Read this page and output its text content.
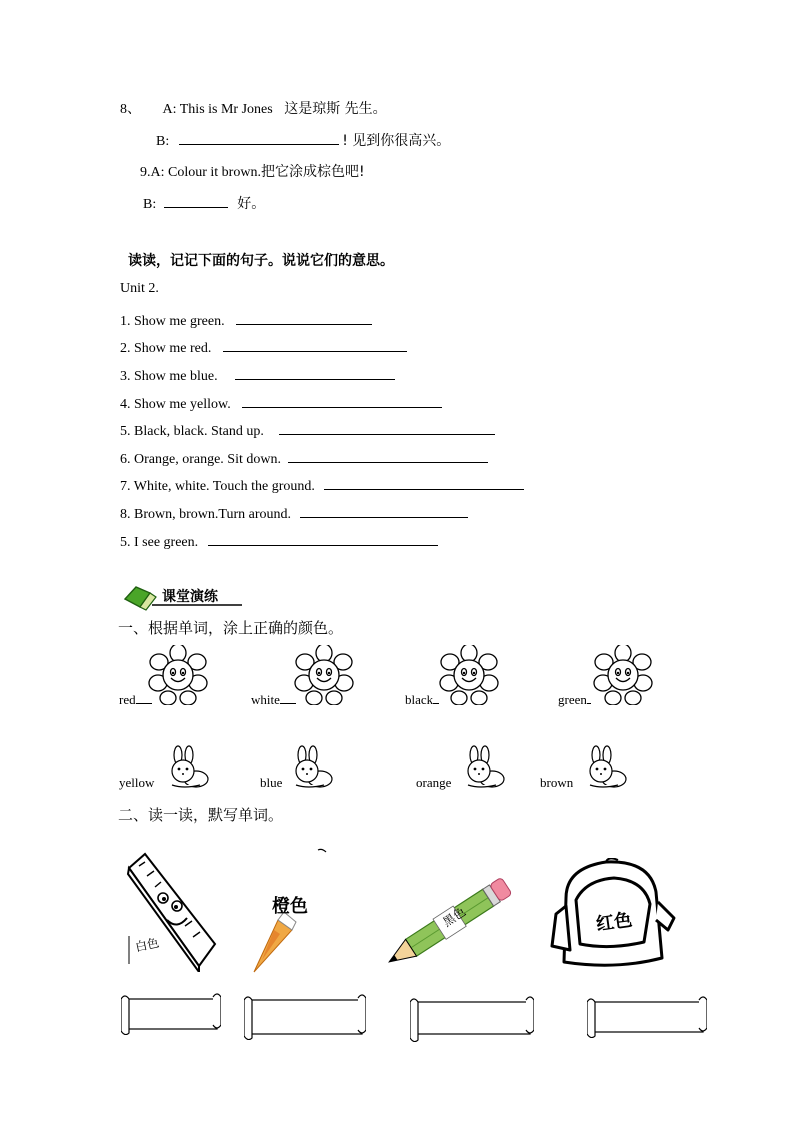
8、 A: This is Mr Jones 这是琼斯 先生。
B:	! 见到你很高兴。
9.A: Colour it brown.把它涂成棕色吧!
B:	好。
读读，记记下面的句子。说说它们的意思。
Unit 2.
1. Show me green.
2. Show me red.
3. Show me blue.
4. Show me yellow.
5. Black, black. Stand up.
6. Orange, orange. Sit down.
7. White, white. Touch the ground.
8. Brown, brown.Turn around.
5. I see green.
课堂演练
一、根据单词，涂上正确的颜色。
red	white	black	green
yellow	blue	orange	brown
二、读一读，默写单词。
白色
橙色	黑色	红色
